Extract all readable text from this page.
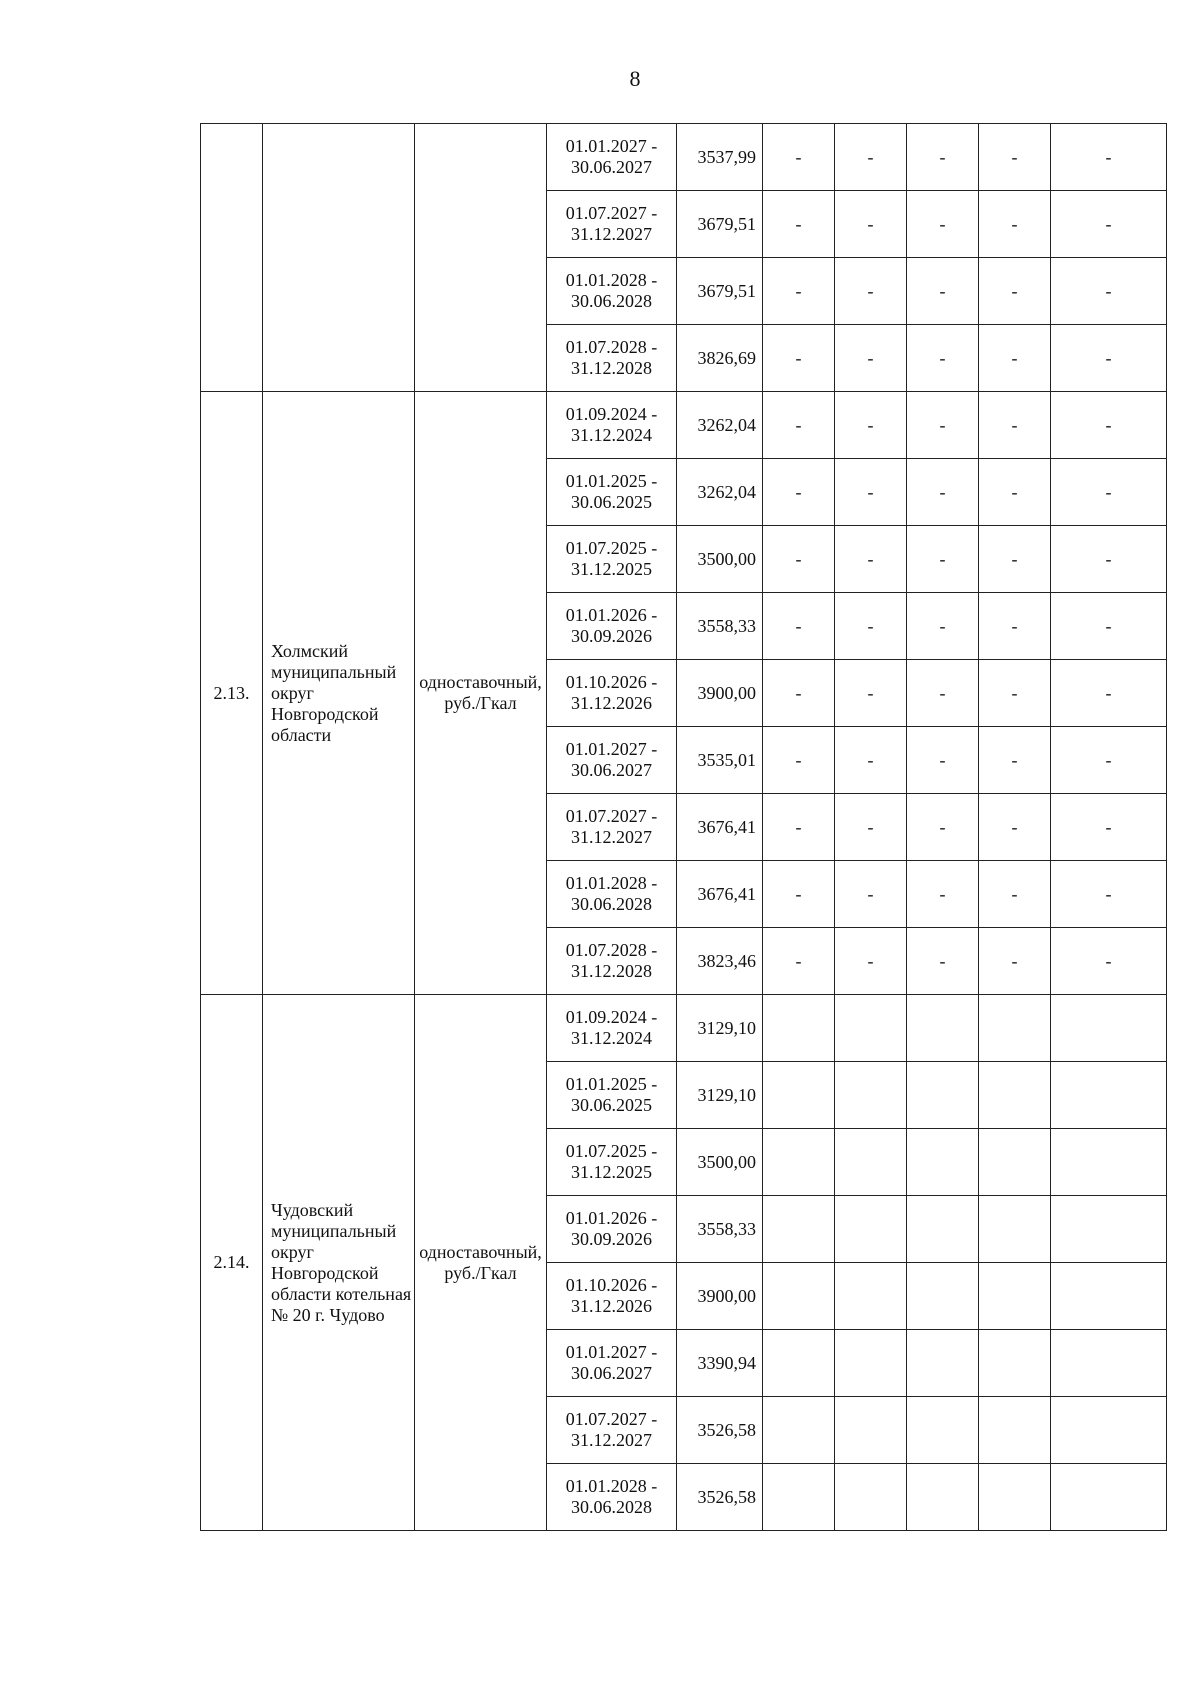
8
			01.01.2027 - 30.06.2027	3537,99	-	-	-	-	-
			01.07.2027 - 31.12.2027	3679,51	-	-	-	-	-
			01.01.2028 - 30.06.2028	3679,51	-	-	-	-	-
			01.07.2028 - 31.12.2028	3826,69	-	-	-	-	-
2.13.	Холмский муниципальный округ Новгородской области	одноставочный, руб./Гкал	01.09.2024 - 31.12.2024	3262,04	-	-	-	-	-
			01.01.2025 - 30.06.2025	3262,04	-	-	-	-	-
			01.07.2025 - 31.12.2025	3500,00	-	-	-	-	-
			01.01.2026 - 30.09.2026	3558,33	-	-	-	-	-
			01.10.2026 - 31.12.2026	3900,00	-	-	-	-	-
			01.01.2027 - 30.06.2027	3535,01	-	-	-	-	-
			01.07.2027 - 31.12.2027	3676,41	-	-	-	-	-
			01.01.2028 - 30.06.2028	3676,41	-	-	-	-	-
			01.07.2028 - 31.12.2028	3823,46	-	-	-	-	-
2.14.	Чудовский муниципальный округ Новгородской области котельная № 20 г. Чудово	одноставочный, руб./Гкал	01.09.2024 - 31.12.2024	3129,10					
			01.01.2025 - 30.06.2025	3129,10					
			01.07.2025 - 31.12.2025	3500,00					
			01.01.2026 - 30.09.2026	3558,33					
			01.10.2026 - 31.12.2026	3900,00					
			01.01.2027 - 30.06.2027	3390,94					
			01.07.2027 - 31.12.2027	3526,58					
			01.01.2028 - 30.06.2028	3526,58					
